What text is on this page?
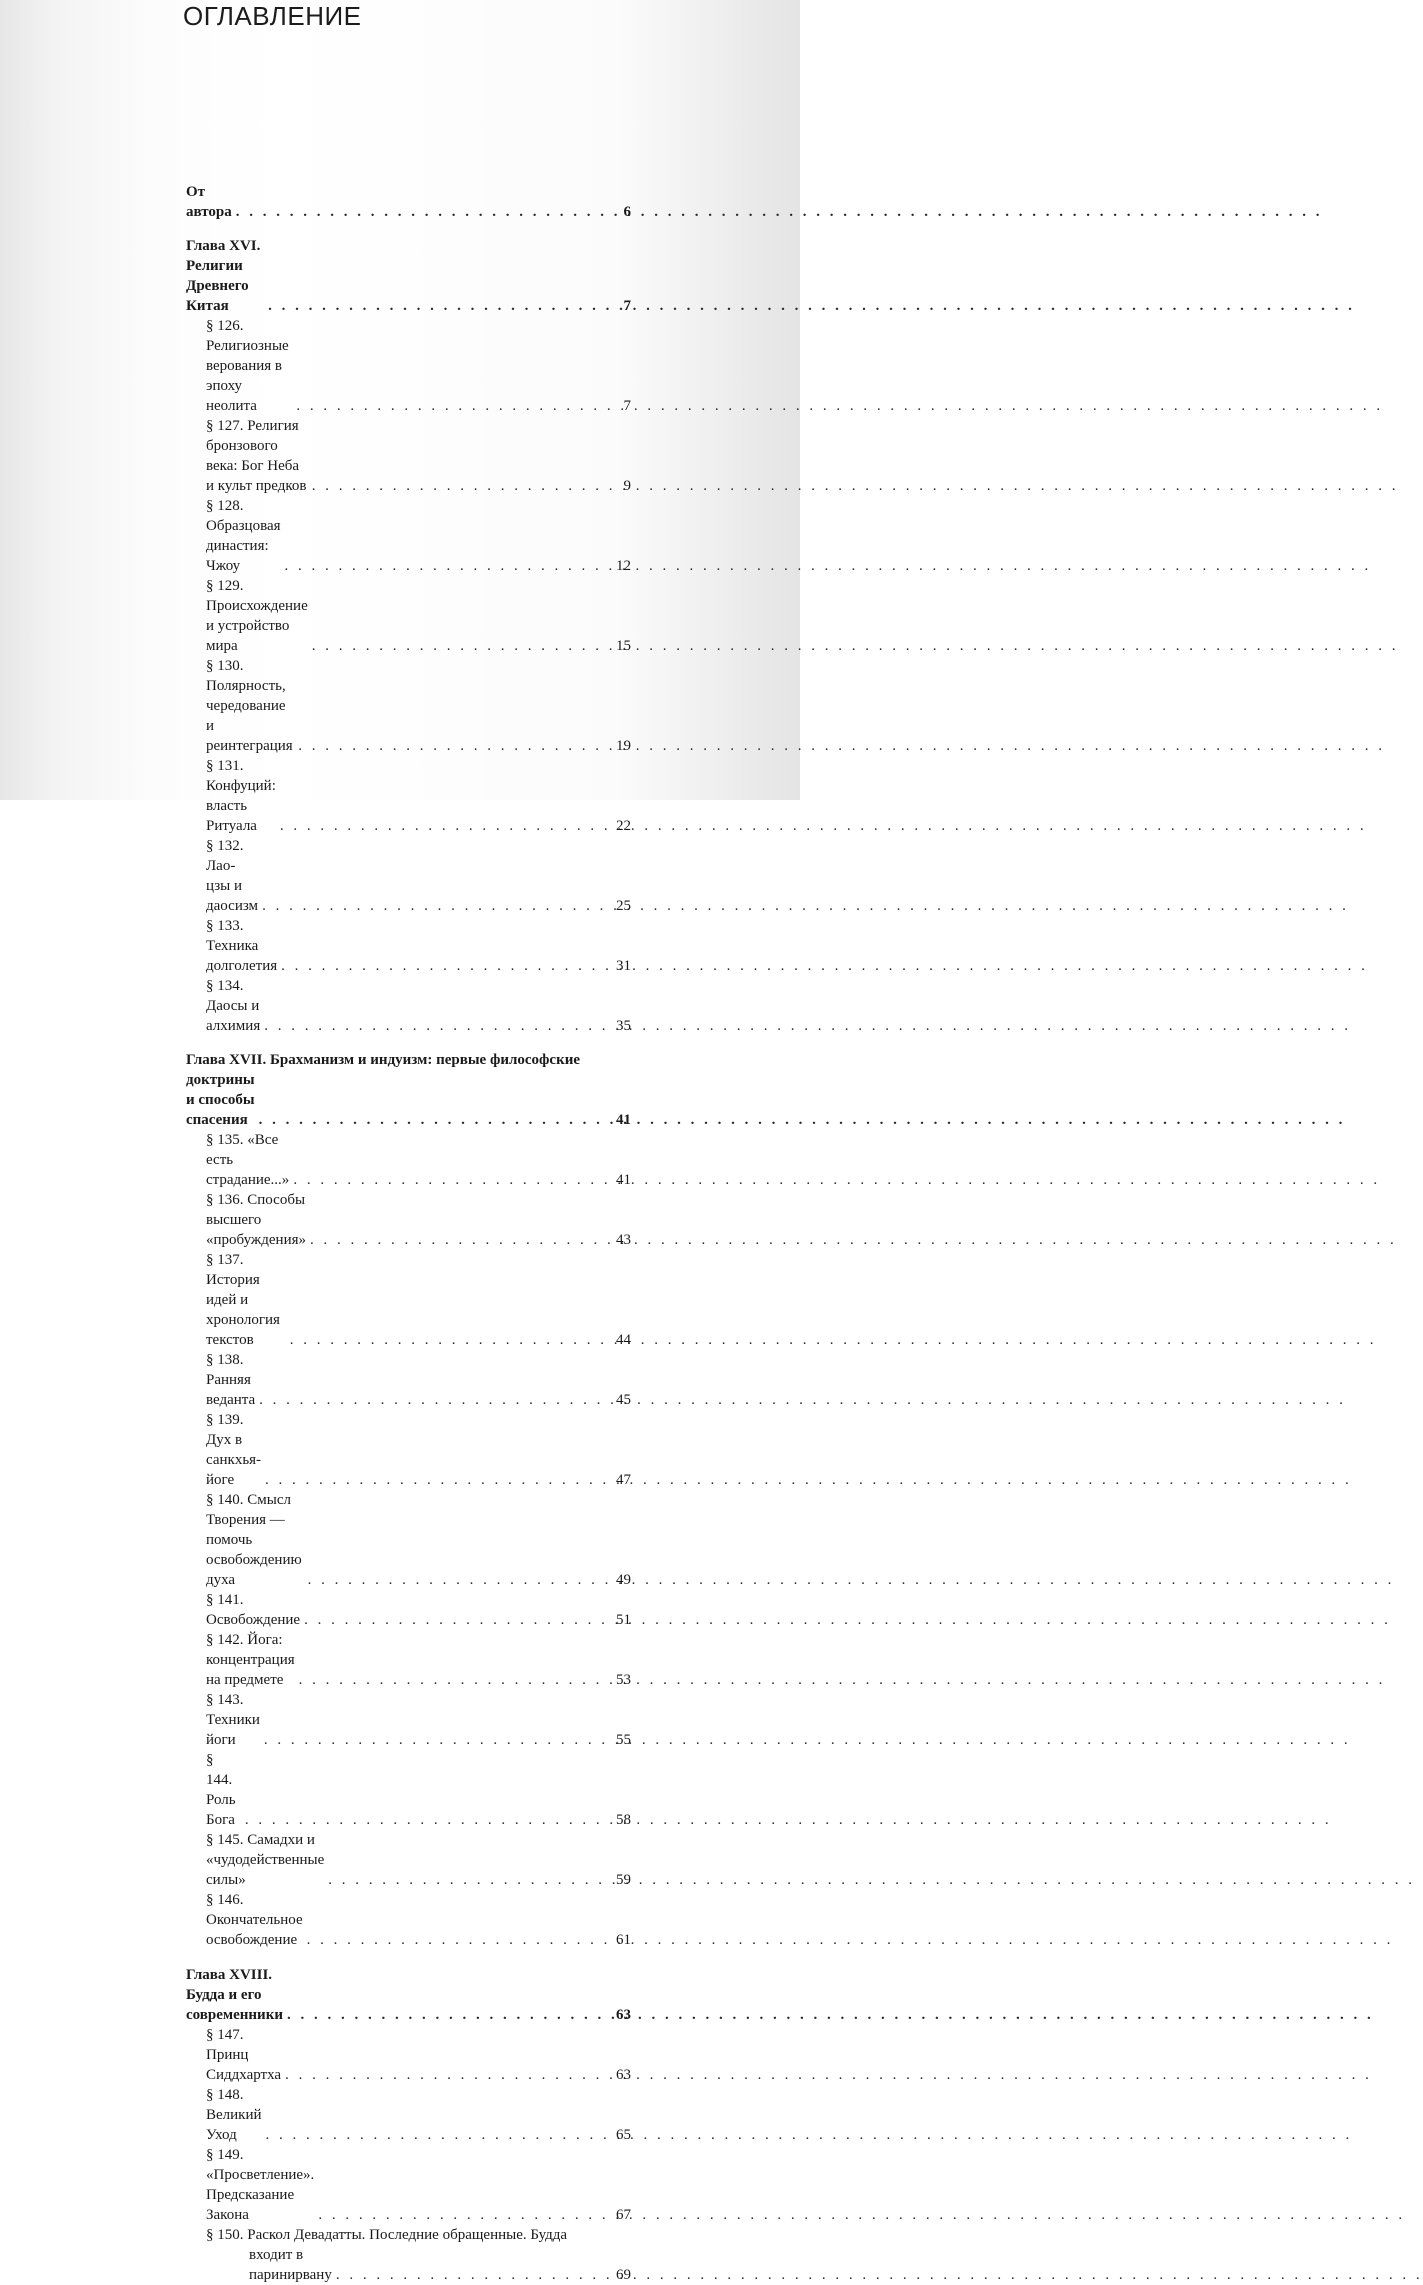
ОГЛАВЛЕНИЕ
От автора . . .	6
Глава XVI. Религии Древнего Китая . . .	7
§ 126. Религиозные верования в эпоху неолита . . .	7
§ 127. Религия бронзового века: Бог Неба и культ предков . . .	9
§ 128. Образцовая династия: Чжоу . . .	12
§ 129. Происхождение и устройство мира . . .	15
§ 130. Полярность, чередование и реинтеграция . . .	19
§ 131. Конфуций: власть Ритуала . . .	22
§ 132. Лао-цзы и даосизм . . .	25
§ 133. Техника долголетия . . .	31
§ 134. Даосы и алхимия . . .	35
Глава XVII. Брахманизм и индуизм: первые философские
доктрины и способы спасения . . .	41
§ 135. «Все есть страдание...» . . .	41
§ 136. Способы высшего «пробуждения» . . .	43
§ 137. История идей и хронология текстов . . .	44
§ 138. Ранняя веданта . . .	45
§ 139. Дух в санкхья-йоге . . .	47
§ 140. Смысл Творения — помочь освобождению духа . . .	49
§ 141. Освобождение . . .	51
§ 142. Йога: концентрация на предмете . . .	53
§ 143. Техники йоги . . .	55
§ 144. Роль Бога . . .	58
§ 145. Самадхи и «чудодейственные силы» . . .	59
§ 146. Окончательное освобождение . . .	61
Глава XVIII. Будда и его современники . . .	63
§ 147. Принц Сиддхартха . . .	63
§ 148. Великий Уход . . .	65
§ 149. «Просветление». Предсказание Закона . . .	67
§ 150. Раскол Девадатты. Последние обращенные. Будда
входит в паринирвану . . .	69
